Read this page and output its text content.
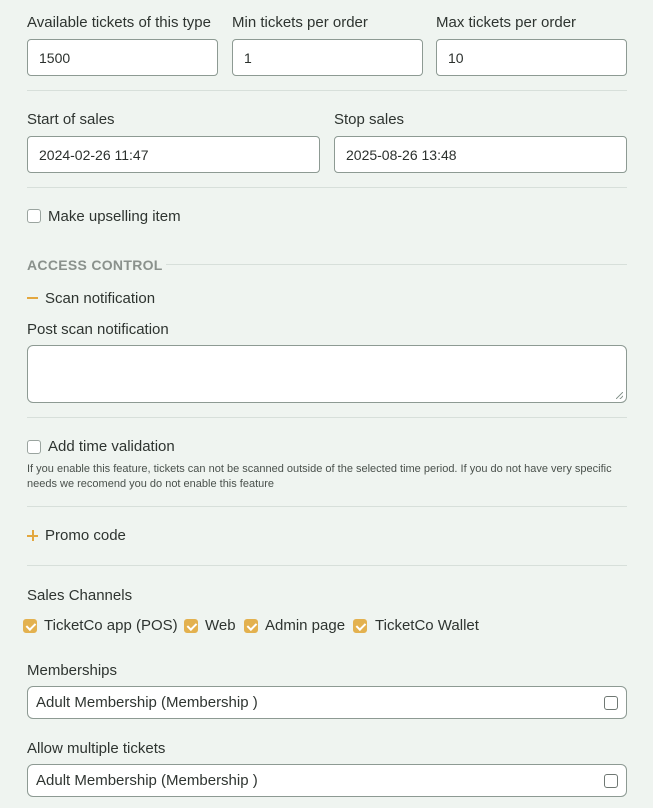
Available tickets of this type
1500
Min tickets per order
1
Max tickets per order
10
Start of sales
2024-02-26 11:47
Stop sales
2025-08-26 13:48
Make upselling item
ACCESS CONTROL
Scan notification
Post scan notification
Add time validation
If you enable this feature, tickets can not be scanned outside of the selected time period. If you do not have very specific needs we recomend you do not enable this feature
Promo code
Sales Channels
TicketCo app (POS) Web Admin page TicketCo Wallet
Memberships
Adult Membership (Membership )
Allow multiple tickets
Adult Membership (Membership )
